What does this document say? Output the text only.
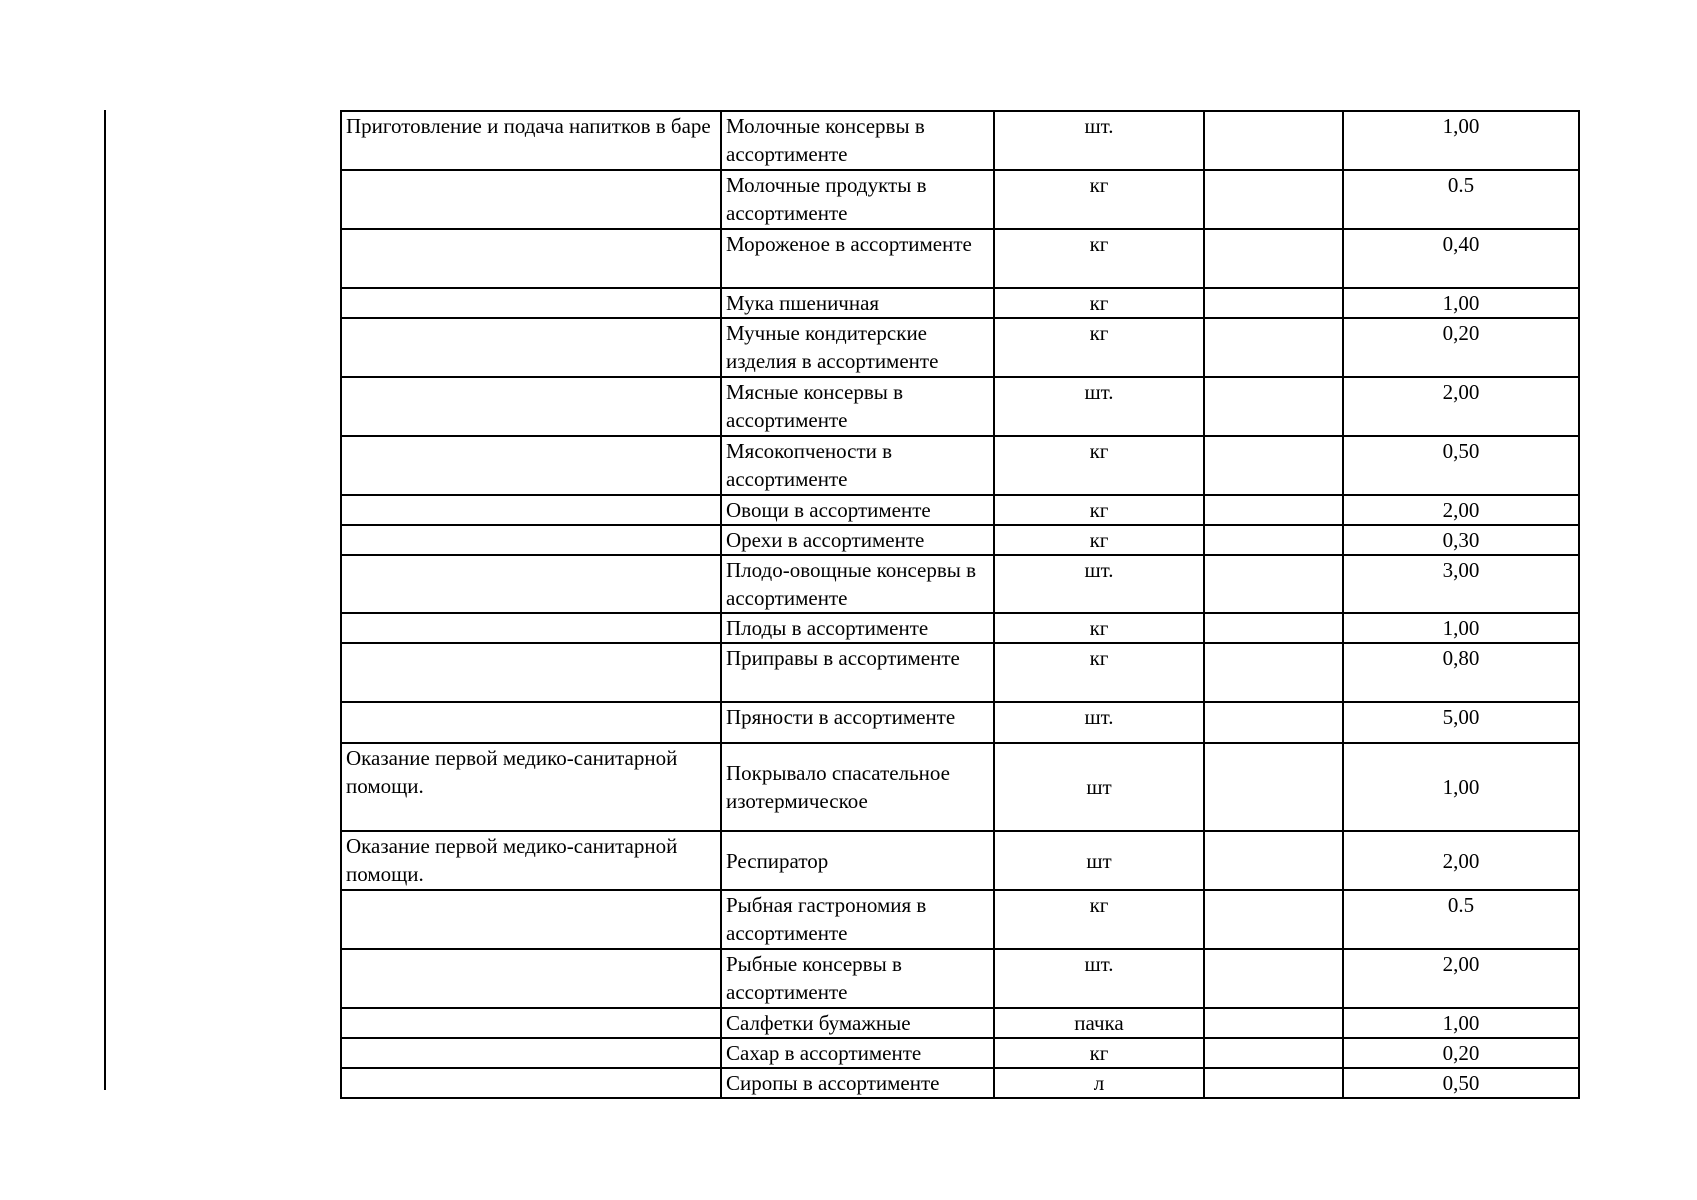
Приготовление и подача напитков в баре	Молочные консервы в ассортименте	шт.		1,00
	Молочные продукты в ассортименте	кг		0.5
	Мороженое в ассортименте	кг		0,40
	Мука пшеничная	кг		1,00
	Мучные кондитерские изделия в ассортименте	кг		0,20
	Мясные консервы в ассортименте	шт.		2,00
	Мясокопчености в ассортименте	кг		0,50
	Овощи в ассортименте	кг		2,00
	Орехи в ассортименте	кг		0,30
	Плодо-овощные консервы в ассортименте	шт.		3,00
	Плоды в ассортименте	кг		1,00
	Приправы в ассортименте	кг		0,80
	Пряности в ассортименте	шт.		5,00
Оказание первой медико-санитарной помощи.	Покрывало спасательное изотермическое	шт		1,00
Оказание первой медико-санитарной помощи.	Респиратор	шт		2,00
	Рыбная гастрономия в ассортименте	кг		0.5
	Рыбные консервы в ассортименте	шт.		2,00
	Салфетки бумажные	пачка		1,00
	Сахар в ассортименте	кг		0,20
	Сиропы в ассортименте	л		0,50
